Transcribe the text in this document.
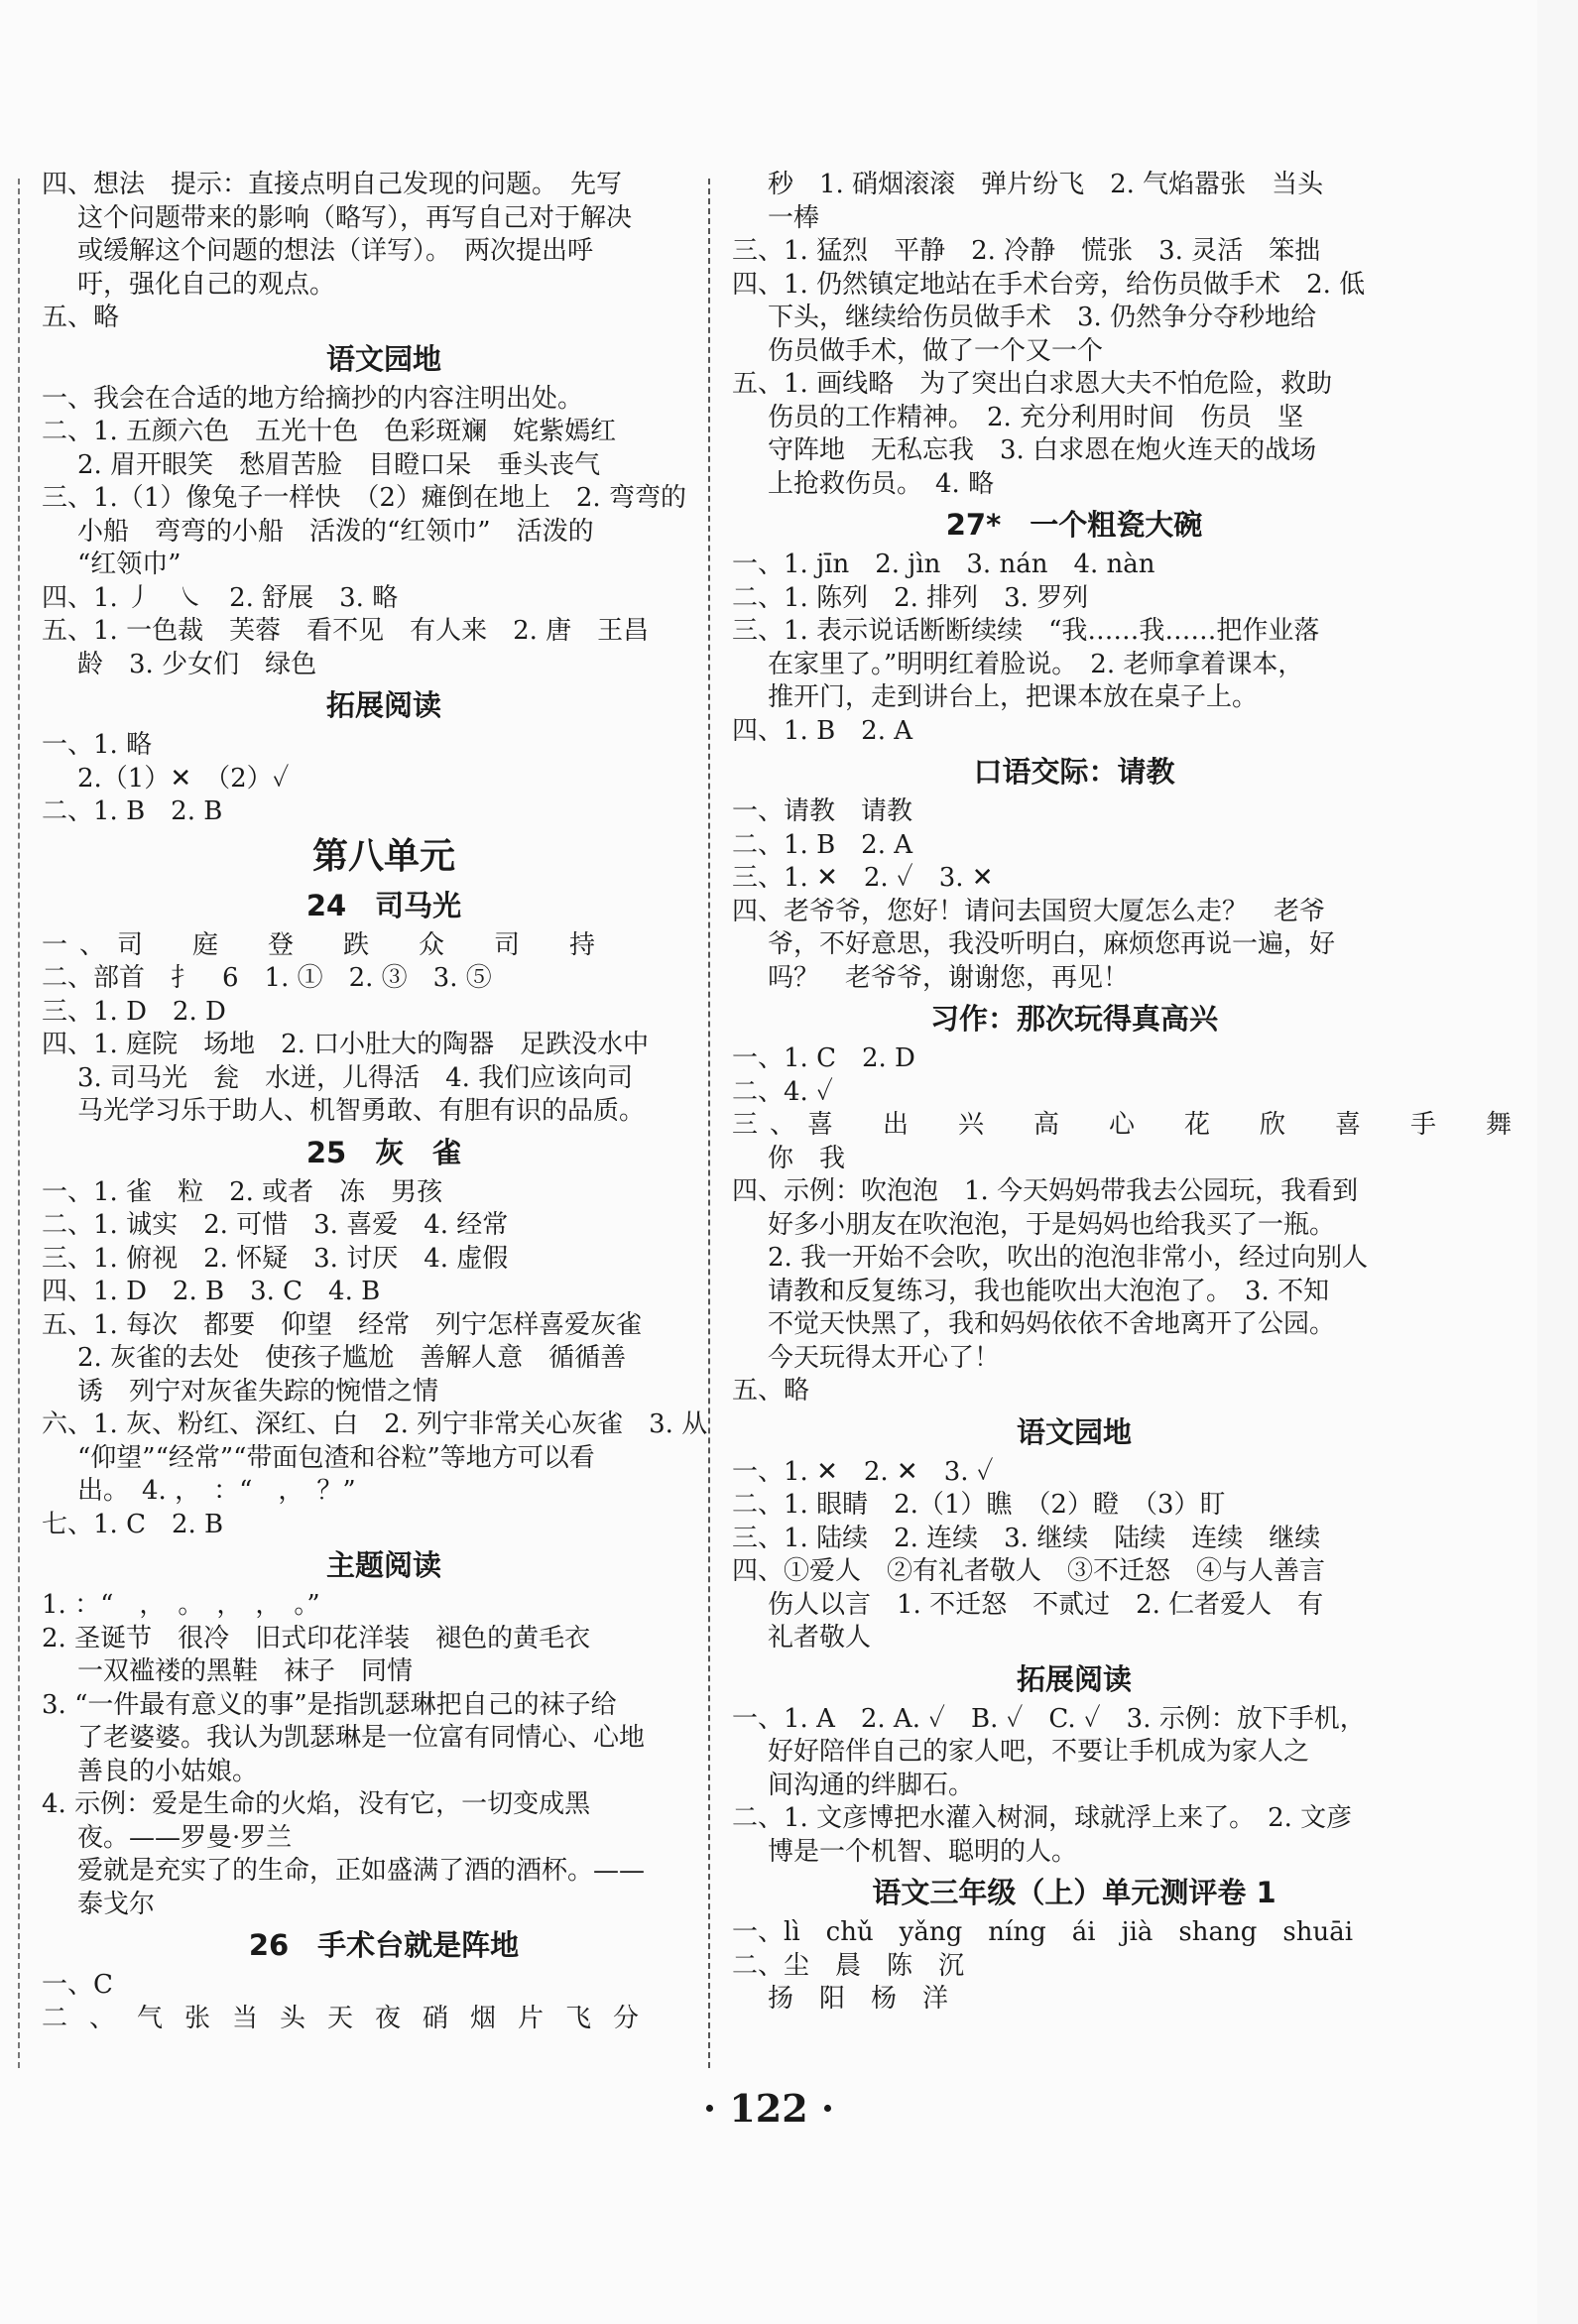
四、想法　提示：直接点明自己发现的问题。　先写
这个问题带来的影响（略写），再写自己对于解决
或缓解这个问题的想法（详写）。　两次提出呼
吁，强化自己的观点。
五、略
语文园地
一、我会在合适的地方给摘抄的内容注明出处。
二、1. 五颜六色　五光十色　色彩斑斓　姹紫嫣红
2. 眉开眼笑　愁眉苦脸　目瞪口呆　垂头丧气
三、1.（1）像兔子一样快　（2）瘫倒在地上　2. 弯弯的
小船　弯弯的小船　活泼的“红领巾”　活泼的
“红领巾”
四、1. 丿　㇏　2. 舒展　3. 略
五、1. 一色裁　芙蓉　看不见　有人来　2. 唐　王昌
龄　3. 少女们　绿色
拓展阅读
一、1. 略
2.（1）✕　（2）✓
二、1. B　2. B
第八单元
24　司马光
一、司　庭　登　跌　众　司　持
二、部首　扌　6　1. ①　2. ③　3. ⑤
三、1. D　2. D
四、1. 庭院　场地　2. 口小肚大的陶器　足跌没水中
3. 司马光　瓮　水迸，儿得活　4. 我们应该向司
马光学习乐于助人、机智勇敢、有胆有识的品质。
25　灰　雀
一、1. 雀　粒　2. 或者　冻　男孩
二、1. 诚实　2. 可惜　3. 喜爱　4. 经常
三、1. 俯视　2. 怀疑　3. 讨厌　4. 虚假
四、1. D　2. B　3. C　4. B
五、1. 每次　都要　仰望　经常　列宁怎样喜爱灰雀
2. 灰雀的去处　使孩子尴尬　善解人意　循循善
诱　列宁对灰雀失踪的惋惜之情
六、1. 灰、粉红、深红、白　2. 列宁非常关心灰雀　3. 从
“仰望”“经常”“带面包渣和谷粒”等地方可以看
出。　4. ，　：“　，　？”
七、1. C　2. B
主题阅读
1. ：“　，　。　，　，　。”
2. 圣诞节　很冷　旧式印花洋装　褪色的黄毛衣
一双褴褛的黑鞋　袜子　同情
3. “一件最有意义的事”是指凯瑟琳把自己的袜子给
了老婆婆。我认为凯瑟琳是一位富有同情心、心地
善良的小姑娘。
4. 示例：爱是生命的火焰，没有它，一切变成黑
夜。——罗曼·罗兰
爱就是充实了的生命，正如盛满了酒的酒杯。——
泰戈尔
26　手术台就是阵地
一、C
二、气张当头天夜硝烟片飞分
秒　1. 硝烟滚滚　弹片纷飞　2. 气焰嚣张　当头
一棒
三、1. 猛烈　平静　2. 冷静　慌张　3. 灵活　笨拙
四、1. 仍然镇定地站在手术台旁，给伤员做手术　2. 低
下头，继续给伤员做手术　3. 仍然争分夺秒地给
伤员做手术，做了一个又一个
五、1. 画线略　为了突出白求恩大夫不怕危险，救助
伤员的工作精神。　2. 充分利用时间　伤员　坚
守阵地　无私忘我　3. 白求恩在炮火连天的战场
上抢救伤员。　4. 略
27*　一个粗瓷大碗
一、1. jīn　2. jìn　3. nán　4. nàn
二、1. 陈列　2. 排列　3. 罗列
三、1. 表示说话断断续续　“我……我……把作业落
在家里了。”明明红着脸说。　2. 老师拿着课本，
推开门，走到讲台上，把课本放在桌子上。
四、1. B　2. A
口语交际：请教
一、请教　请教
二、1. B　2. A
三、1. ✕　2. ✓　3. ✕
四、老爷爷，您好！请问去国贸大厦怎么走？　老爷
爷，不好意思，我没听明白，麻烦您再说一遍，好
吗？　老爷爷，谢谢您，再见！
习作：那次玩得真高兴
一、1. C　2. D
二、4. ✓
三、喜　出　兴　高　心　花　欣　喜　手　舞
你　我
四、示例：吹泡泡　1. 今天妈妈带我去公园玩，我看到
好多小朋友在吹泡泡，于是妈妈也给我买了一瓶。
2. 我一开始不会吹，吹出的泡泡非常小，经过向别人
请教和反复练习，我也能吹出大泡泡了。　3. 不知
不觉天快黑了，我和妈妈依依不舍地离开了公园。
今天玩得太开心了！
五、略
语文园地
一、1. ✕　2. ✕　3. ✓
二、1. 眼睛　2.（1）瞧　（2）瞪　（3）盯
三、1. 陆续　2. 连续　3. 继续　陆续　连续　继续
四、①爱人　②有礼者敬人　③不迁怒　④与人善言
伤人以言　1. 不迁怒　不贰过　2. 仁者爱人　有
礼者敬人
拓展阅读
一、1. A　2. A. ✓　B. ✓　C. ✓　3. 示例：放下手机，
好好陪伴自己的家人吧，不要让手机成为家人之
间沟通的绊脚石。
二、1. 文彦博把水灌入树洞，球就浮上来了。　2. 文彦
博是一个机智、聪明的人。
语文三年级（上）单元测评卷 1
一、lì　chǔ　yǎng　níng　ái　jià　shang　shuāi
二、尘　晨　陈　沉
扬　阳　杨　洋
· 122 ·
